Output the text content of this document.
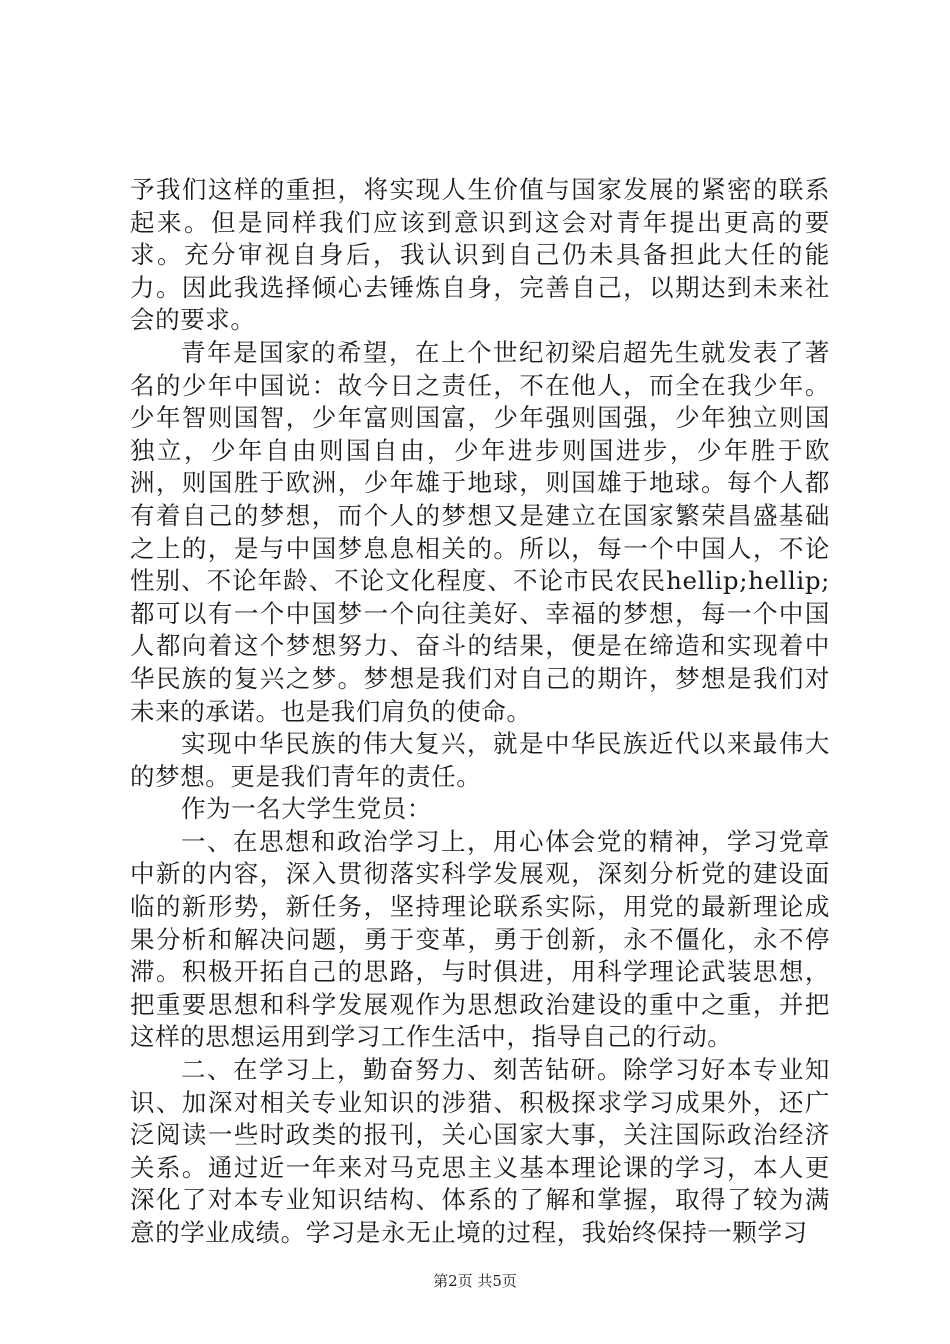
予我们这样的重担，将实现人生价值与国家发展的紧密的联系起来。但是同样我们应该到意识到这会对青年提出更高的要求。充分审视自身后，我认识到自己仍未具备担此大任的能力。因此我选择倾心去锤炼自身，完善自己，以期达到未来社会的要求。

青年是国家的希望，在上个世纪初梁启超先生就发表了著名的少年中国说：故今日之责任，不在他人，而全在我少年。少年智则国智，少年富则国富，少年强则国强，少年独立则国独立，少年自由则国自由，少年进步则国进步，少年胜于欧洲，则国胜于欧洲，少年雄于地球，则国雄于地球。每个人都有着自己的梦想，而个人的梦想又是建立在国家繁荣昌盛基础之上的，是与中国梦息息相关的。所以，每一个中国人，不论性别、不论年龄、不论文化程度、不论市民农民hellip;hellip;都可以有一个中国梦一个向往美好、幸福的梦想，每一个中国人都向着这个梦想努力、奋斗的结果，便是在缔造和实现着中华民族的复兴之梦。梦想是我们对自己的期许，梦想是我们对未来的承诺。也是我们肩负的使命。

实现中华民族的伟大复兴，就是中华民族近代以来最伟大的梦想。更是我们青年的责任。

作为一名大学生党员：

一、在思想和政治学习上，用心体会党的精神，学习党章中新的内容，深入贯彻落实科学发展观，深刻分析党的建设面临的新形势，新任务，坚持理论联系实际，用党的最新理论成果分析和解决问题，勇于变革，勇于创新，永不僵化，永不停滞。积极开拓自己的思路，与时俱进，用科学理论武装思想，把重要思想和科学发展观作为思想政治建设的重中之重，并把这样的思想运用到学习工作生活中，指导自己的行动。

二、在学习上，勤奋努力、刻苦钻研。除学习好本专业知识、加深对相关专业知识的涉猎、积极探求学习成果外，还广泛阅读一些时政类的报刊，关心国家大事，关注国际政治经济关系。通过近一年来对马克思主义基本理论课的学习，本人更深化了对本专业知识结构、体系的了解和掌握，取得了较为满意的学业成绩。学习是永无止境的过程，我始终保持一颗学习

第2页 共5页
